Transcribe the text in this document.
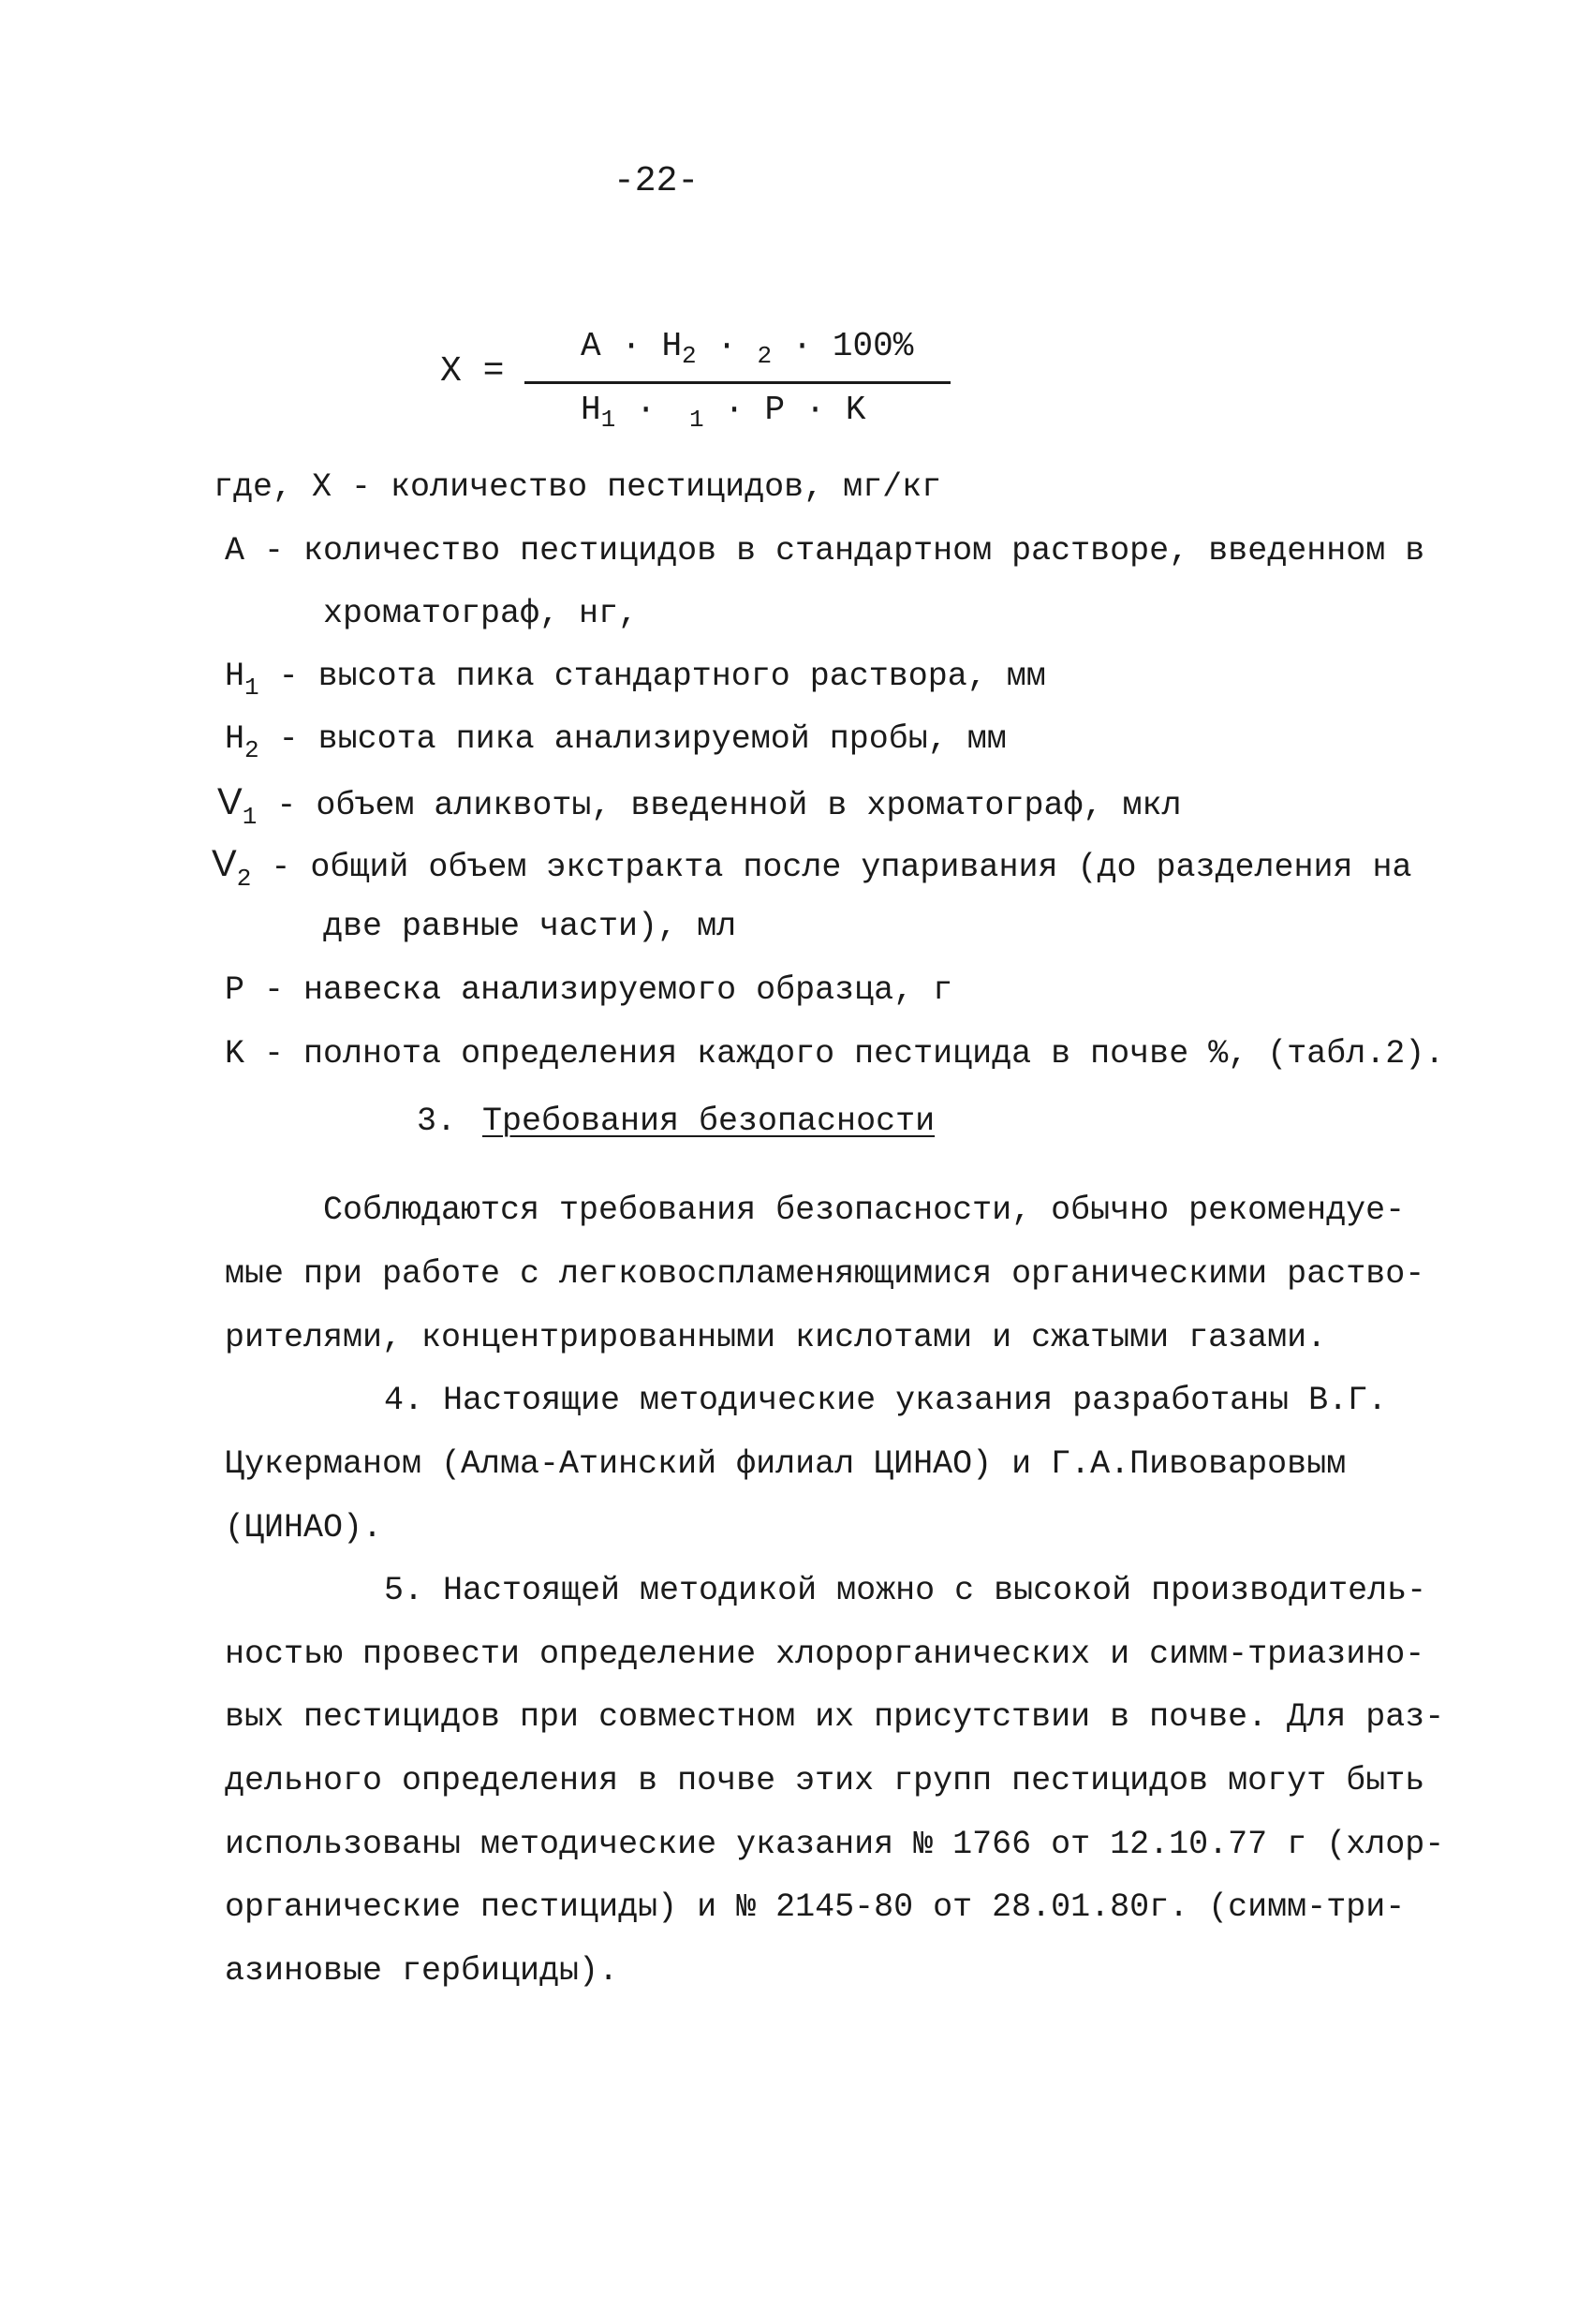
-22-
X =
$A \cdot H_2 \cdot _2 \cdot 100\%$
$H_1 \cdot _1 \cdot P \cdot K$
где, X - количество пестицидов, мг/кг
A - количество пестицидов в стандартном растворе, введенном в
хроматограф, нг,
$H_1$ - высота пика стандартного раствора, мм
$H_2$ - высота пика анализируемой пробы, мм
$V_1$ - объем аликвоты, введенной в хроматограф, мкл
$V_2$ - общий объем экстракта после упаривания (до разделения на
две равные части), мл
P - навеска анализируемого образца, г
K - полнота определения каждого пестицида в почве %, (табл.2).
3. Требования безопасности
Соблюдаются требования безопасности, обычно рекомендуе-
мые при работе с легковоспламеняющимися органическими раство-
рителями, концентрированными кислотами и сжатыми газами.
4. Настоящие методические указания разработаны В.Г.
Цукерманом (Алма-Атинский филиал ЦИНАО) и Г.А.Пивоваровым
(ЦИНАО).
5. Настоящей методикой можно с высокой производитель-
ностью провести определение хлорорганических и симм-триазино-
вых пестицидов при совместном их присутствии в почве. Для раз-
дельного определения в почве этих групп пестицидов могут быть
использованы методические указания № 1766 от 12.10.77 г (хлор-
органические пестициды) и № 2145-80 от 28.01.80г. (симм-три-
азиновые гербициды).
